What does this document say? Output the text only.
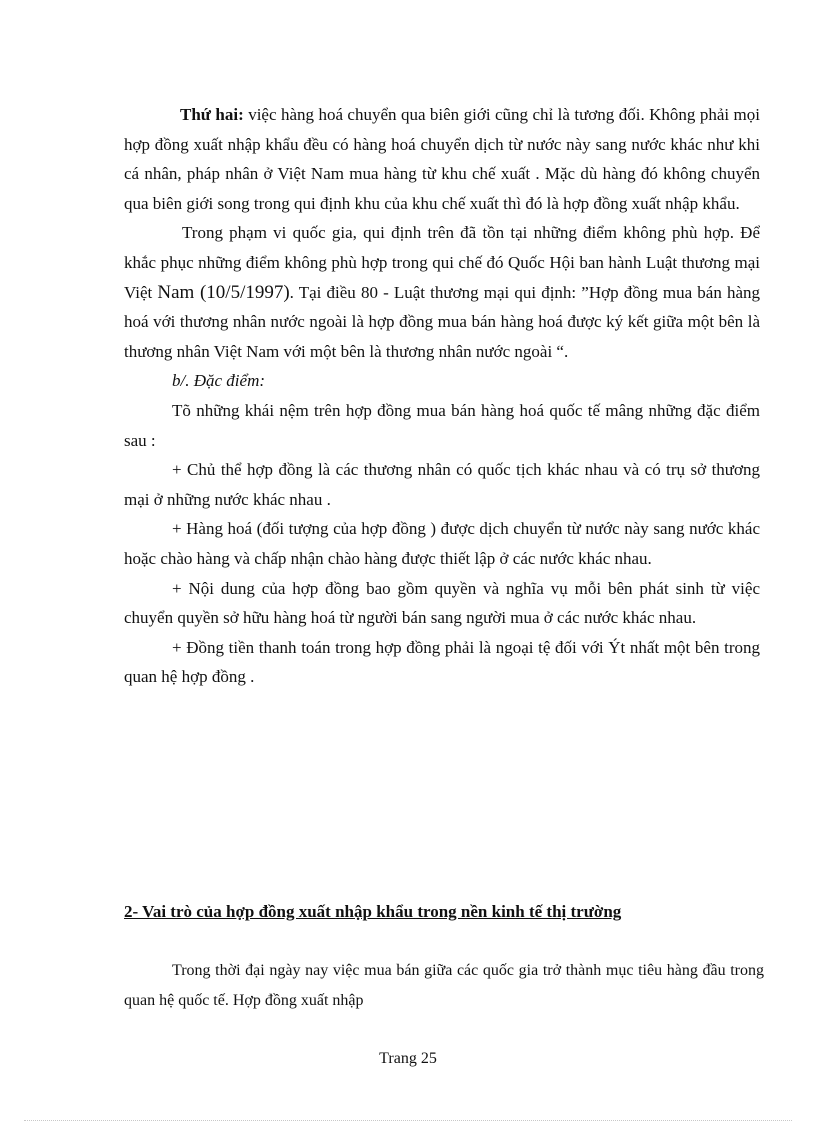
Thứ hai: việc hàng hoá chuyển qua biên giới cũng chỉ là tương đối. Không phải mọi hợp đồng xuất nhập khẩu đều có hàng hoá chuyển dịch từ nước này sang nước khác như khi cá nhân, pháp nhân ở Việt Nam mua hàng từ khu chế xuất . Mặc dù hàng đó không chuyển qua biên giới song trong qui định khu của khu chế xuất thì đó là hợp đồng xuất nhập khẩu.

Trong phạm vi quốc gia, qui định trên đã tồn tại những điểm không phù hợp. Để khắc phục những điểm không phù hợp trong qui chế đó Quốc Hội ban hành Luật thương mại Việt Nam (10/5/1997). Tại điều 80 - Luật thương mại qui định: ”Hợp đồng mua bán hàng hoá với thương nhân nước ngoài là hợp đồng mua bán hàng hoá được ký kết giữa một bên là thương nhân Việt Nam với một bên là thương nhân nước ngoài “.

b/. Đặc điểm:

Tõ những khái nệm trên hợp đồng mua bán hàng hoá quốc tế mâng những đặc điểm sau :

+ Chủ thể hợp đồng là các thương nhân có quốc tịch khác nhau và có trụ sở thương mại ở những nước khác nhau .

+ Hàng hoá (đối tượng của hợp đồng ) được dịch chuyển từ nước này sang nước khác hoặc chào hàng và chấp nhận chào hàng được thiết lập ở các nước khác nhau.

+ Nội dung của hợp đồng bao gồm quyền và nghĩa vụ mỗi bên phát sinh từ việc chuyển quyền sở hữu hàng hoá từ người bán sang người mua ở các nước khác nhau.

+ Đồng tiền thanh toán trong hợp đồng phải là ngoại tệ đối với Ýt nhất một bên trong quan hệ hợp đồng .

2- Vai trò của hợp đồng xuất nhập khẩu trong nền kinh tế thị trường

Trong thời đại ngày nay việc mua bán giữa các quốc gia trở thành mục tiêu hàng đầu trong quan hệ quốc tế. Hợp đồng xuất nhập

Trang 25
